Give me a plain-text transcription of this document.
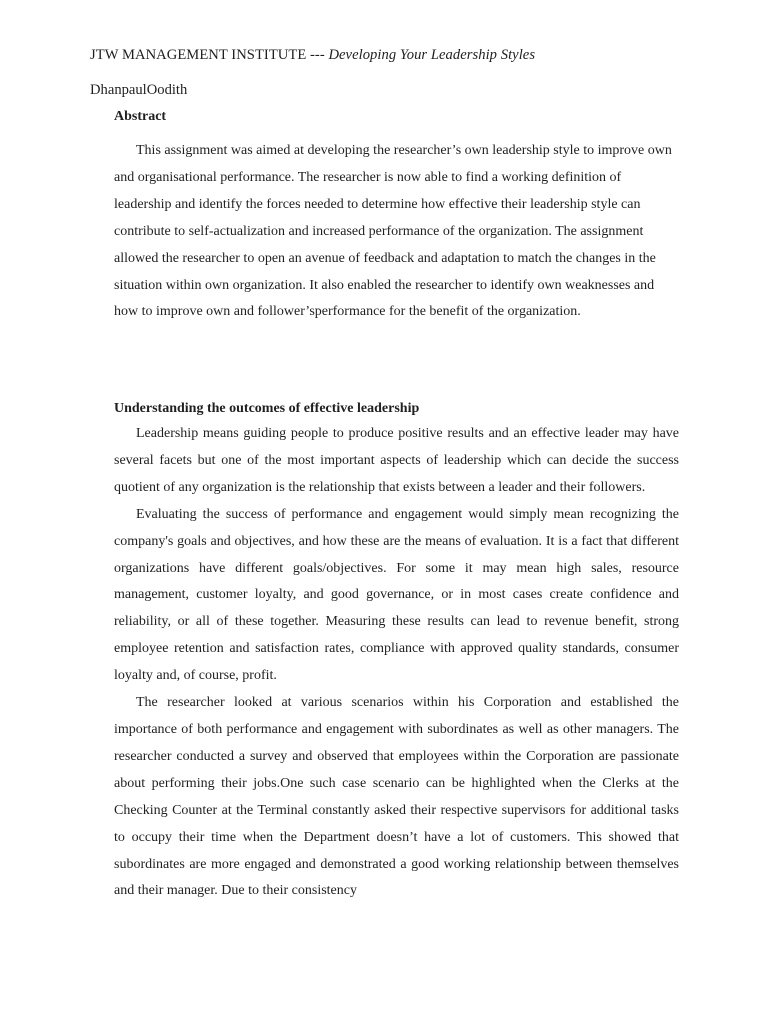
JTW MANAGEMENT INSTITUTE --- Developing Your Leadership Styles
DhanpaulOodith
Abstract

This assignment was aimed at developing the researcher’s own leadership style to improve own and organisational performance. The researcher is now able to find a working definition of leadership and identify the forces needed to determine how effective their leadership style can contribute to self-actualization and increased performance of the organization. The assignment allowed the researcher to open an avenue of feedback and adaptation to match the changes in the situation within own organization. It also enabled the researcher to identify own weaknesses and how to improve own and follower’sperformance for the benefit of the organization.

Understanding the outcomes of effective leadership

Leadership means guiding people to produce positive results and an effective leader may have several facets but one of the most important aspects of leadership which can decide the success quotient of any organization is the relationship that exists between a leader and their followers.

Evaluating the success of performance and engagement would simply mean recognizing the company's goals and objectives, and how these are the means of evaluation. It is a fact that different organizations have different goals/objectives. For some it may mean high sales, resource management, customer loyalty, and good governance, or in most cases create confidence and reliability, or all of these together. Measuring these results can lead to revenue benefit, strong employee retention and satisfaction rates, compliance with approved quality standards, consumer loyalty and, of course, profit.

The researcher looked at various scenarios within his Corporation and established the importance of both performance and engagement with subordinates as well as other managers. The researcher conducted a survey and observed that employees within the Corporation are passionate about performing their jobs.One such case scenario can be highlighted when the Clerks at the Checking Counter at the Terminal constantly asked their respective supervisors for additional tasks to occupy their time when the Department doesn’t have a lot of customers. This showed that subordinates are more engaged and demonstrated a good working relationship between themselves and their manager. Due to their consistency
